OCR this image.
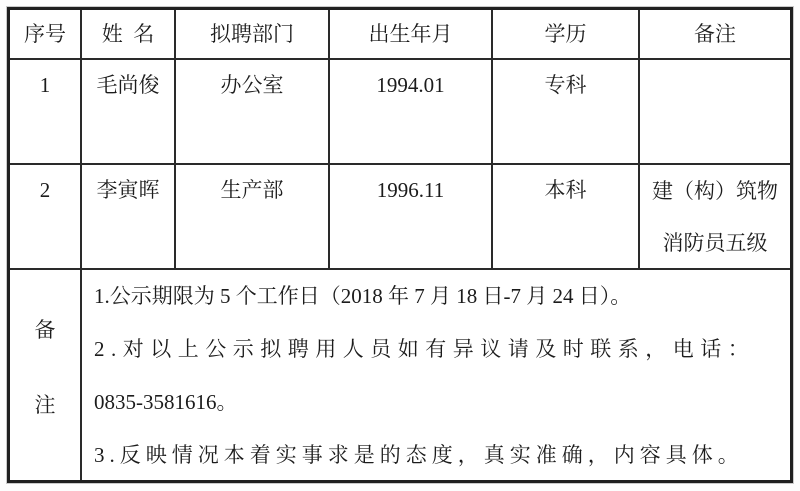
序号	姓  名	拟聘部门	出生年月	学历	备注
1	毛尚俊	办公室	1994.01	专科
2	李寅晖	生产部	1996.11	本科	建（构）筑物
消防员五级
备
注
1.公示期限为 5 个工作日（2018 年 7 月 18 日-7 月 24 日）。
2.对以上公示拟聘用人员如有异议请及时联系，电话：
0835-3581616。
3.反映情况本着实事求是的态度，真实准确，内容具体。
